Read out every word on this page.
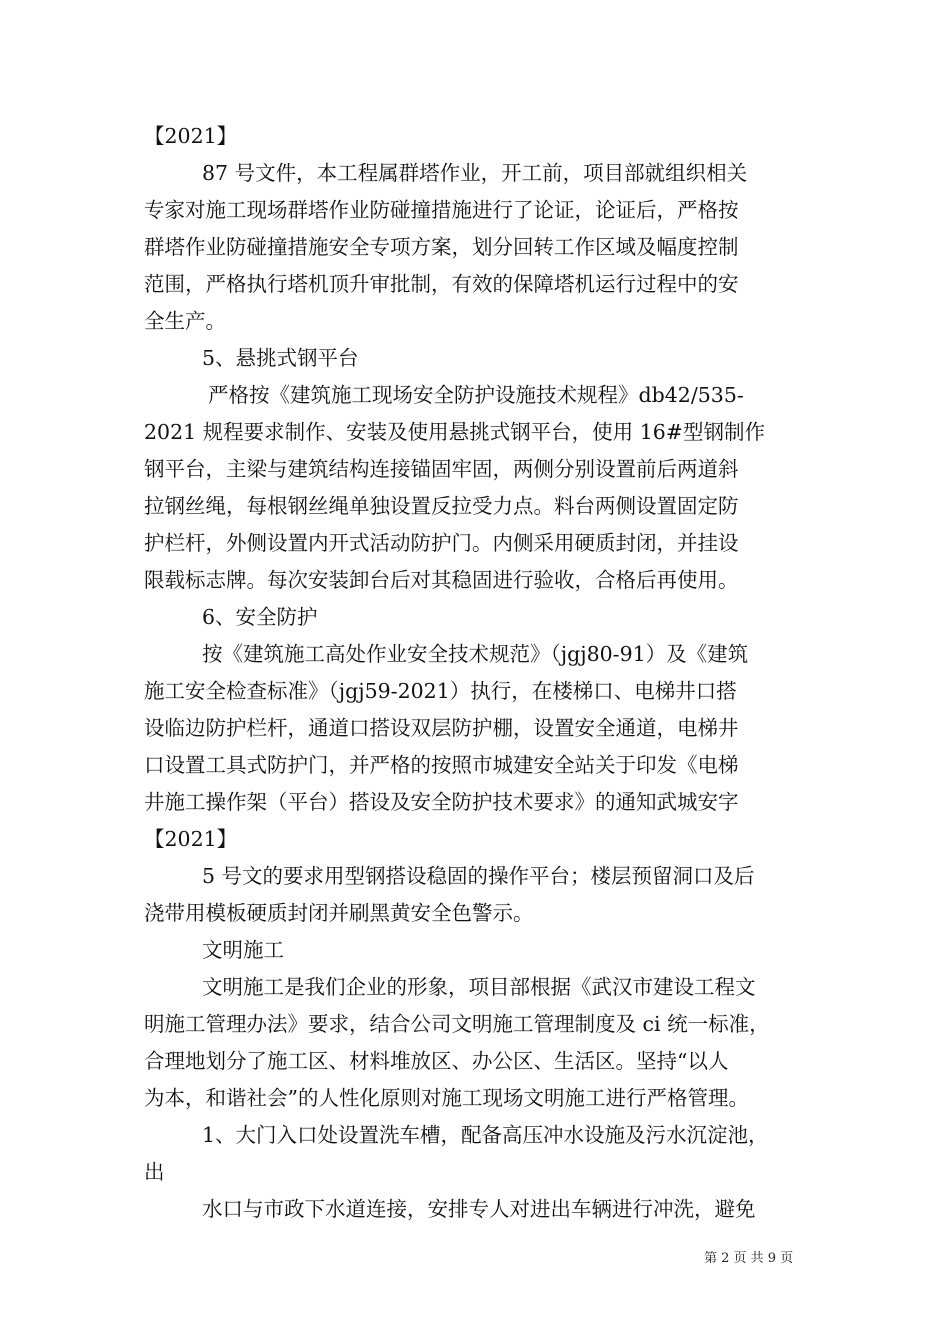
【2021】
87 号文件，本工程属群塔作业，开工前，项目部就组织相关
专家对施工现场群塔作业防碰撞措施进行了论证，论证后，严格按
群塔作业防碰撞措施安全专项方案，划分回转工作区域及幅度控制
范围，严格执行塔机顶升审批制，有效的保障塔机运行过程中的安
全生产。
5、悬挑式钢平台
严格按《建筑施工现场安全防护设施技术规程》db42/535-
2021 规程要求制作、安装及使用悬挑式钢平台，使用 16#型钢制作
钢平台，主梁与建筑结构连接锚固牢固，两侧分别设置前后两道斜
拉钢丝绳，每根钢丝绳单独设置反拉受力点。料台两侧设置固定防
护栏杆，外侧设置内开式活动防护门。内侧采用硬质封闭，并挂设
限载标志牌。每次安装卸台后对其稳固进行验收，合格后再使用。
6、安全防护
按《建筑施工高处作业安全技术规范》（jgj80-91）及《建筑
施工安全检查标准》（jgj59-2021）执行，在楼梯口、电梯井口搭
设临边防护栏杆，通道口搭设双层防护棚，设置安全通道，电梯井
口设置工具式防护门，并严格的按照市城建安全站关于印发《电梯
井施工操作架（平台）搭设及安全防护技术要求》的通知武城安字
【2021】
5 号文的要求用型钢搭设稳固的操作平台；楼层预留洞口及后
浇带用模板硬质封闭并刷黑黄安全色警示。
文明施工
文明施工是我们企业的形象，项目部根据《武汉市建设工程文
明施工管理办法》要求，结合公司文明施工管理制度及 ci 统一标准，
合理地划分了施工区、材料堆放区、办公区、生活区。坚持“以人
为本，和谐社会”的人性化原则对施工现场文明施工进行严格管理。
1、大门入口处设置洗车槽，配备高压冲水设施及污水沉淀池，
出
水口与市政下水道连接，安排专人对进出车辆进行冲洗，避免
第 2 页 共 9 页
